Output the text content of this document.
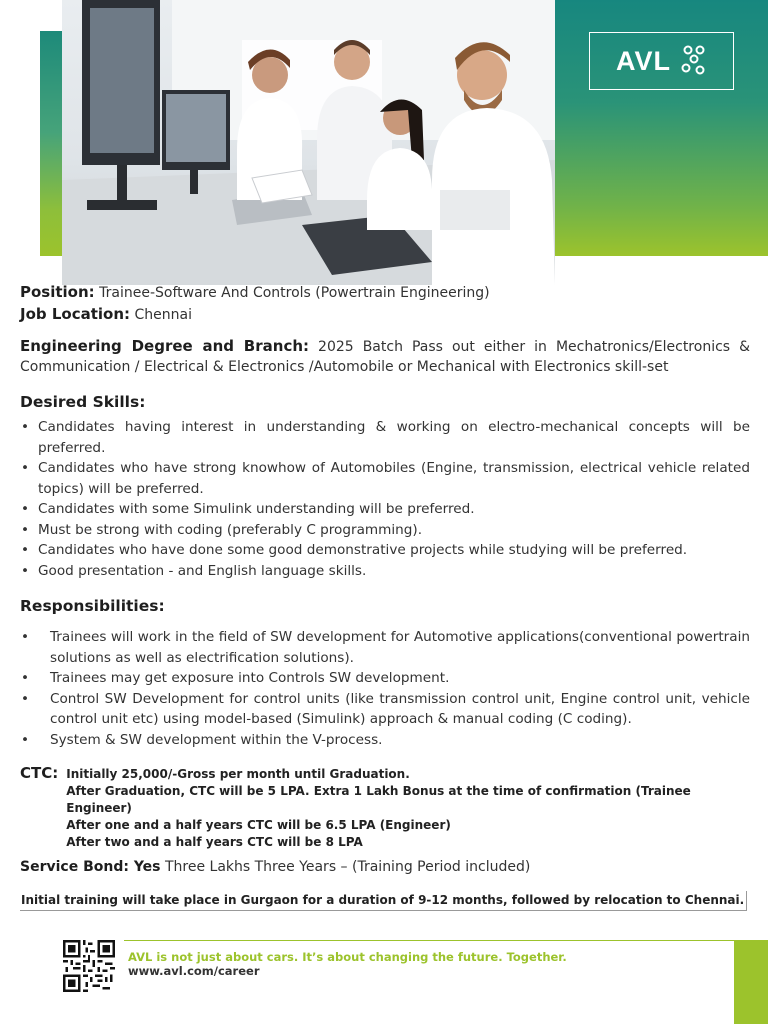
AVL
Position: Trainee-Software And Controls (Powertrain Engineering)
Job Location: Chennai
Engineering Degree and Branch: 2025 Batch Pass out either in Mechatronics/Electronics & Communication / Electrical & Electronics /Automobile or Mechanical with Electronics skill-set
Desired Skills:
• Candidates having interest in understanding & working on electro-mechanical concepts will be preferred.
• Candidates who have strong knowhow of Automobiles (Engine, transmission, electrical vehicle related topics) will be preferred.
• Candidates with some Simulink understanding will be preferred.
• Must be strong with coding (preferably C programming).
• Candidates who have done some good demonstrative projects while studying will be preferred.
• Good presentation - and English language skills.
Responsibilities:
• Trainees will work in the field of SW development for Automotive applications(conventional powertrain solutions as well as electrification solutions).
• Trainees may get exposure into Controls SW development.
• Control SW Development for control units (like transmission control unit, Engine control unit, vehicle control unit etc) using model-based (Simulink) approach & manual coding (C coding).
• System & SW development within the V-process.
CTC: Initially 25,000/-Gross per month until Graduation.
After Graduation, CTC will be 5 LPA. Extra 1 Lakh Bonus at the time of confirmation (Trainee Engineer)
After one and a half years CTC will be 6.5 LPA (Engineer)
After two and a half years CTC will be 8 LPA
Service Bond: Yes Three Lakhs Three Years – (Training Period included)
Initial training will take place in Gurgaon for a duration of 9-12 months, followed by relocation to Chennai.
AVL is not just about cars. It’s about changing the future. Together.
www.avl.com/career
